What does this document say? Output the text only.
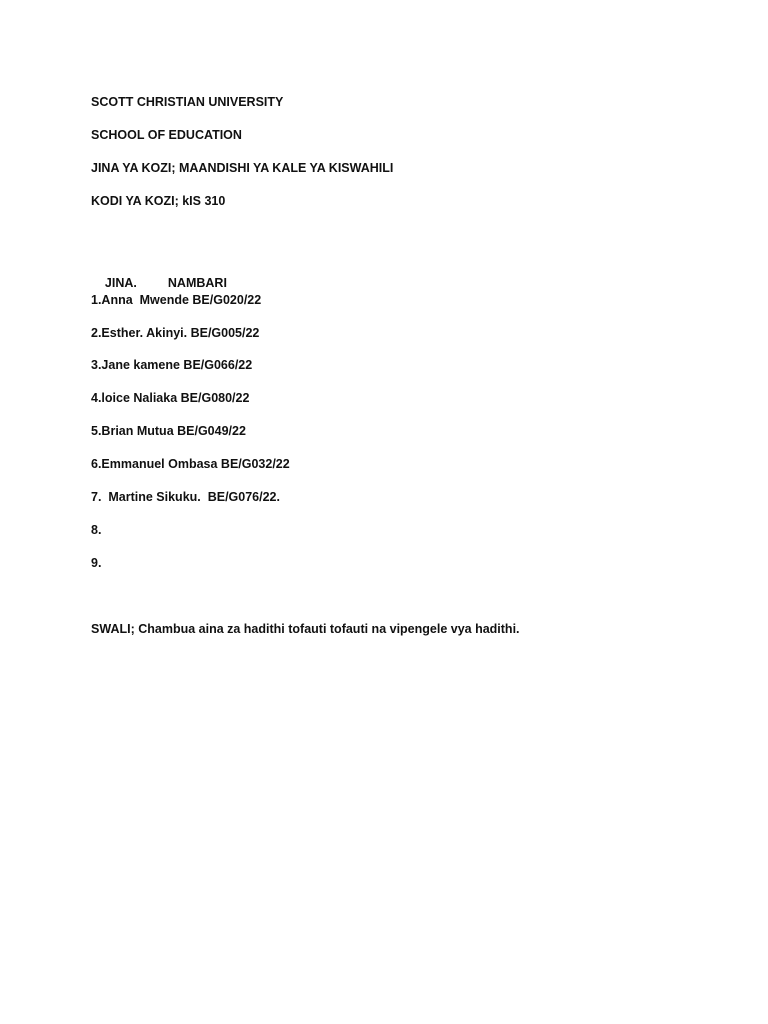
SCOTT CHRISTIAN UNIVERSITY
SCHOOL OF EDUCATION
JINA YA KOZI; MAANDISHI YA KALE YA KISWAHILI
KODI YA KOZI; kIS 310

JINA. NAMBARI

1.Anna  Mwende BE/G020/22
2.Esther. Akinyi. BE/G005/22
3.Jane kamene BE/G066/22
4.loice Naliaka BE/G080/22
5.Brian Mutua BE/G049/22
6.Emmanuel Ombasa BE/G032/22
7.  Martine Sikuku.  BE/G076/22.
8.
9.
SWALI; Chambua aina za hadithi tofauti tofauti na vipengele vya hadithi.
